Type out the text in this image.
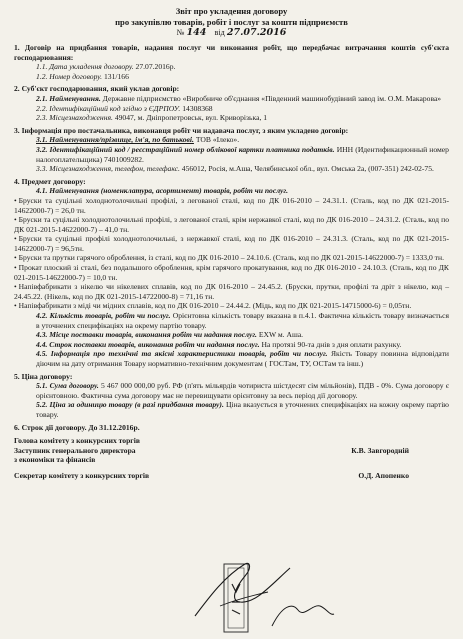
Звіт про укладення договору
про закупівлю товарів, робіт і послуг за коштн підприємств
№ 144 від 27.07.2016

1. Договір на придбання товарів, надання послуг чи виконання робіт, що передбачає витрачання коштів суб'єкта господарювання:

1.1. Дата укладення договору. 27.07.2016р.

1.2. Номер договору. 131/166

2. Суб'єкт господарювання, який уклав договір:

2.1. Найменування. Державне підприємство «Виробниче об'єднання «Південний машинобудівний завод ім. О.М. Макарова»

2.2. Ідентифікаційний код згідно з ЄДРПОУ. 14308368

2.3. Місцезнаходження. 49047, м. Дніпропетровськ, вул. Криворізька, 1

3. Інформація про постачальника, виконавця робіт чи надавача послуг, з яким укладено договір:

3.1. Найменування/прізвище, ім'я, по батькові. ТОВ «Ілеко».

3.2. Ідентифікаційний код / реєстраційний номер облікової картки платника податків. ИНН (Идентификационный номер налогоплательщика) 7401009282.

3.3. Місцезнаходження, телефон, телефакс. 456012, Росія, м.Аша, Челябинської обл., вул. Омська 2а, (007-351) 242-02-75.

4. Предмет договору:

4.1. Найменування (номенклатура, асортимент) товарів, робіт чи послуг.

• Бруски та суцільні холоднотолочильні профілі, з легованої сталі, код по ДК 016-2010 – 24.31.1. (Сталь, код по ДК 021-2015-14622000-7) = 26,0 тн.

• Бруски та суцільні холоднотолочильні профілі, з легованої сталі, крім нержавкої сталі, код по ДК 016-2010 – 24.31.2. (Сталь, код по ДК 021-2015-14622000-7) – 41,0 тн.

• Бруски та суцільні профілі холоднотолочильні, з нержавкої сталі, код по ДК 016-2010 – 24.31.3. (Сталь, код по ДК 021-2015-14622000-7) = 96,5тн.

• Бруски та прутки гарячого оброблення, із сталі, код по ДК 016-2010 – 24.10.6. (Сталь, код по ДК 021-2015-14622000-7) = 1333,0 тн.

• Прокат плоский зі сталі, без подальшого оброблення, крім гарячого прокатування, код по ДК 016-2010 - 24.10.3. (Сталь, код по ДК 021-2015-14622000-7) = 10,0 тн.

• Напівфабрикати з нікелю чи нікелевих сплавів, код по ДК 016-2010 – 24.45.2. (Бруски, прутки, профілі та дріт з нікелю, код – 24.45.22. (Нікель, код по ДК 021-2015-14722000-8) = 71,16 тн.

• Напівфабрикати з міді чи мідних сплавів, код по ДК 016-2010 – 24.44.2. (Мідь, код по ДК 021-2015-14715000-6) = 0,05тн.

4.2. Кількість товарів, робіт чи послуг. Орієнтовна кількість товару вказана в п.4.1. Фактична кількість товару визначається в уточнених специфікаціях на окрему партію товару.

4.3. Місце поставки товарів, виконання робіт чи надання послуг. EXW м. Аша.

4.4. Строк поставки товарів, виконання робіт чи надання послуг. На протязі 90-та днів з дня оплати рахунку.

4.5. Інформація про технічні та якісні характеристики товарів, робіт чи послуг. Якість Товару повинна відповідати діючим на дату отримання Товару нормативно-технічним документам ( ГОСТам, ТУ, ОСТам та інш.)

5. Ціна договору:

5.1. Сума договору. 5 467 000 000,00 руб. РФ (п'ять мільярдів чотириста шістдесят сім мільйонів), ПДВ - 0%. Сума договору є орієнтовною. Фактична сума договору має не перевищувати орієнтовну за весь період дії договору.

5.2. Ціна за одиницю товару (в разі придбання товару). Ціна вказується в уточнених специфікаціях на кожну окрему партію товару.

6. Строк дії договору. До 31.12.2016р.

Голова комітету з конкурсних торгів
Заступник генерального директора	К.В. Завгородній
з економіки та фінансів
Секретар комітету з конкурсних торгів	О.Д. Апопенко
